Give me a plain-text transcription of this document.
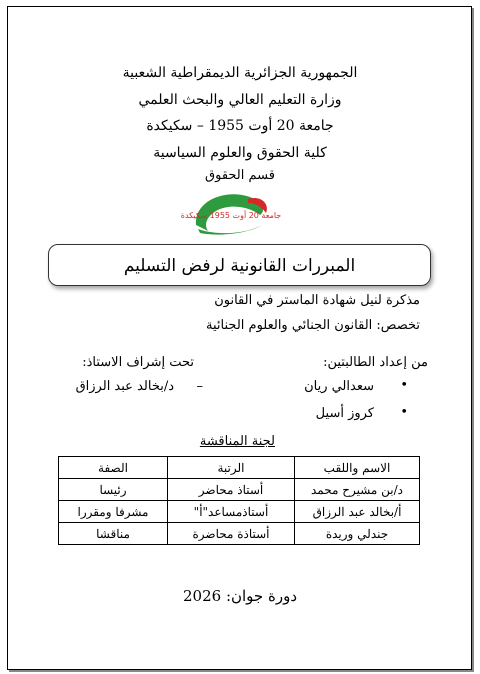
الجمهورية الجزائرية الديمقراطية الشعبية
وزارة التعليم العالي والبحث العلمي
جامعة 20 أوت 1955 – سكيكدة
كلية الحقوق والعلوم السياسية
قسم الحقوق
جامعة 20 أوت 1955 سكيكدة
المبررات القانونية لرفض التسليم
مذكرة لنيل شهادة الماستر في القانون
تخصص: القانون الجنائي والعلوم الجنائية
من إعداد الطالبتين:
تحت إشراف الاستاذ:
•
سعدالي ريان
–
د/بخالد عبد الرزاق
•
كروز أسيل
لجنة المناقشة
الاسم واللقب	الرتبة	الصفة
د/بن مشيرح محمد	أستاذ محاضر	رئيسا
أ/بخالد عبد الرزاق	أستاذمساعد"أ"	مشرفا ومقررا
جندلي وريدة	أستاذة محاضرة	مناقشا
دورة جوان: 2026
